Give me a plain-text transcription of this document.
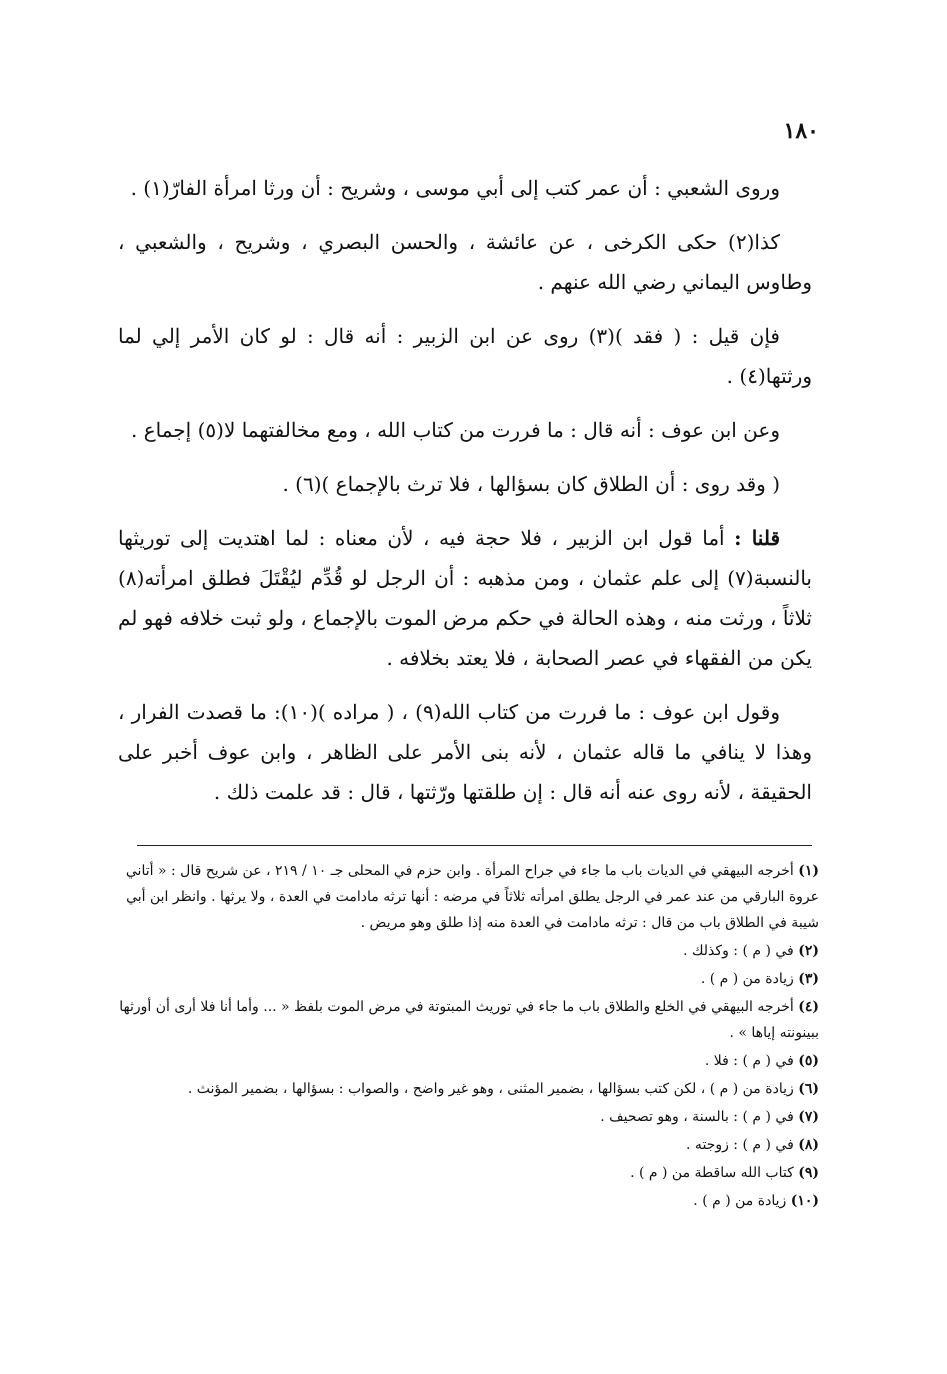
١٨٠

وروى الشعبي : أن عمر كتب إلى أبي موسى ، وشريح : أن ورثا امرأة الفارّ(١) .

كذا(٢) حكى الكرخى ، عن عائشة ، والحسن البصري ، وشريح ، والشعبي ، وطاوس اليماني رضي الله عنهم .

فإن قيل : ( فقد )(٣) روى عن ابن الزبير : أنه قال : لو كان الأمر إلي لما ورثتها(٤) .

وعن ابن عوف : أنه قال : ما فررت من كتاب الله ، ومع مخالفتهما لا(٥) إجماع .

( وقد روى : أن الطلاق كان بسؤالها ، فلا ترث بالإجماع )(٦) .

قلنا : أما قول ابن الزبير ، فلا حجة فيه ، لأن معناه : لما اهتديت إلى توريثها بالنسبة(٧) إلى علم عثمان ، ومن مذهبه : أن الرجل لو قُدِّم ليُقْتَلَ فطلق امرأته(٨) ثلاثاً ، ورثت منه ، وهذه الحالة في حكم مرض الموت بالإجماع ، ولو ثبت خلافه فهو لم يكن من الفقهاء في عصر الصحابة ، فلا يعتد بخلافه .

وقول ابن عوف : ما فررت من كتاب الله(٩) ، ( مراده )(١٠): ما قصدت الفرار ، وهذا لا ينافي ما قاله عثمان ، لأنه بنى الأمر على الظاهر ، وابن عوف أخبر على الحقيقة ، لأنه روى عنه أنه قال : إن طلقتها ورّثتها ، قال : قد علمت ذلك .

(١) أخرجه البيهقي في الديات باب ما جاء في جراح المرأة . وابن حزم في المحلى جـ ١٠ / ٢١٩ ، عن شريح قال : « أتاني عروة البارقي من عند عمر في الرجل يطلق امرأته ثلاثاً في مرضه : أنها ترثه مادامت في العدة ، ولا يرثها . وانظر ابن أبي شيبة في الطلاق باب من قال : ترثه مادامت في العدة منه إذا طلق وهو مريض .

(٢) في ( م ) : وكذلك .

(٣) زيادة من ( م ) .

(٤) أخرجه البيهقي في الخلع والطلاق باب ما جاء في توريث المبتوتة في مرض الموت بلفظ « ... وأما أنا فلا أرى أن أورثها ببينونته إياها » .

(٥) في ( م ) : فلا .

(٦) زيادة من ( م ) ، لكن كتب بسؤالها ، بضمير المثنى ، وهو غير واضح ، والصواب : بسؤالها ، بضمير المؤنث .

(٧) في ( م ) : بالسنة ، وهو تصحيف .

(٨) في ( م ) : زوجته .

(٩) كتاب الله ساقطة من ( م ) .

(١٠) زيادة من ( م ) .
